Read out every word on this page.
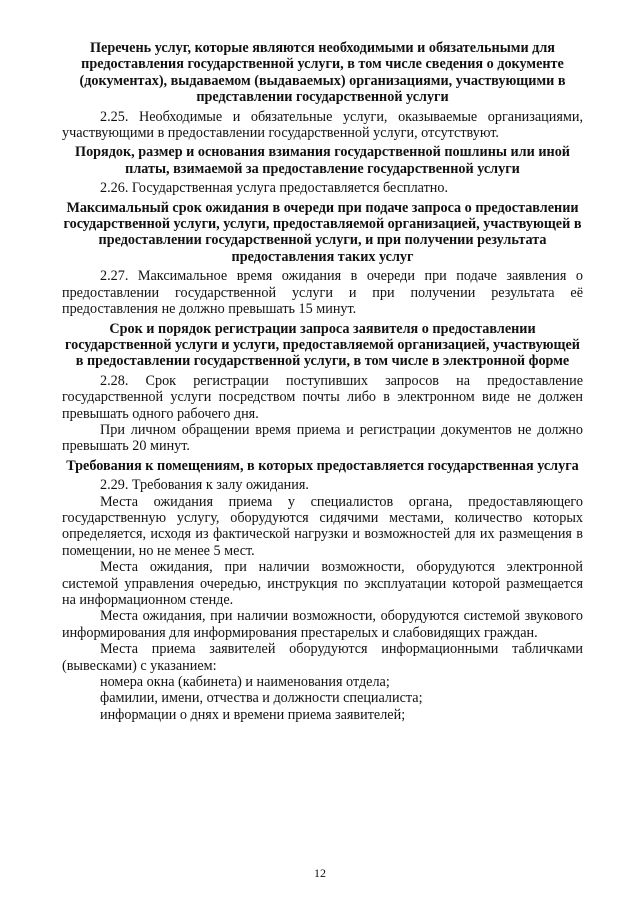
Перечень услуг, которые являются необходимыми и обязательными для предоставления государственной услуги, в том числе сведения о документе (документах), выдаваемом (выдаваемых) организациями, участвующими в представлении государственной услуги

2.25. Необходимые и обязательные услуги, оказываемые организациями, участвующими в предоставлении государственной услуги, отсутствуют.

Порядок, размер и основания взимания государственной пошлины или иной платы, взимаемой за предоставление государственной услуги

2.26. Государственная услуга предоставляется бесплатно.

Максимальный срок ожидания в очереди при подаче запроса о предоставлении государственной услуги, услуги, предоставляемой организацией, участвующей в предоставлении государственной услуги, и при получении результата предоставления таких услуг

2.27. Максимальное время ожидания в очереди при подаче заявления о предоставлении государственной услуги и при получении результата её предоставления не должно превышать 15 минут.

Срок и порядок регистрации запроса заявителя о предоставлении государственной услуги и услуги, предоставляемой организацией, участвующей в предоставлении государственной услуги, в том числе в электронной форме

2.28. Срок регистрации поступивших запросов на предоставление государственной услуги посредством почты либо в электронном виде не должен превышать одного рабочего дня.

При личном обращении время приема и регистрации документов не должно превышать 20 минут.

Требования к помещениям, в которых предоставляется государственная услуга

2.29. Требования к залу ожидания.

Места ожидания приема у специалистов органа, предоставляющего государственную услугу, оборудуются сидячими местами, количество которых определяется, исходя из фактической нагрузки и возможностей для их размещения в помещении, но не менее 5 мест.

Места ожидания, при наличии возможности, оборудуются электронной системой управления очередью, инструкция по эксплуатации которой размещается на информационном стенде.

Места ожидания, при наличии возможности, оборудуются системой звукового информирования для информирования престарелых и слабовидящих граждан.

Места приема заявителей оборудуются информационными табличками (вывесками) с указанием:

номера окна (кабинета) и наименования отдела;

фамилии, имени, отчества и должности специалиста;

информации о днях и времени приема заявителей;

12
